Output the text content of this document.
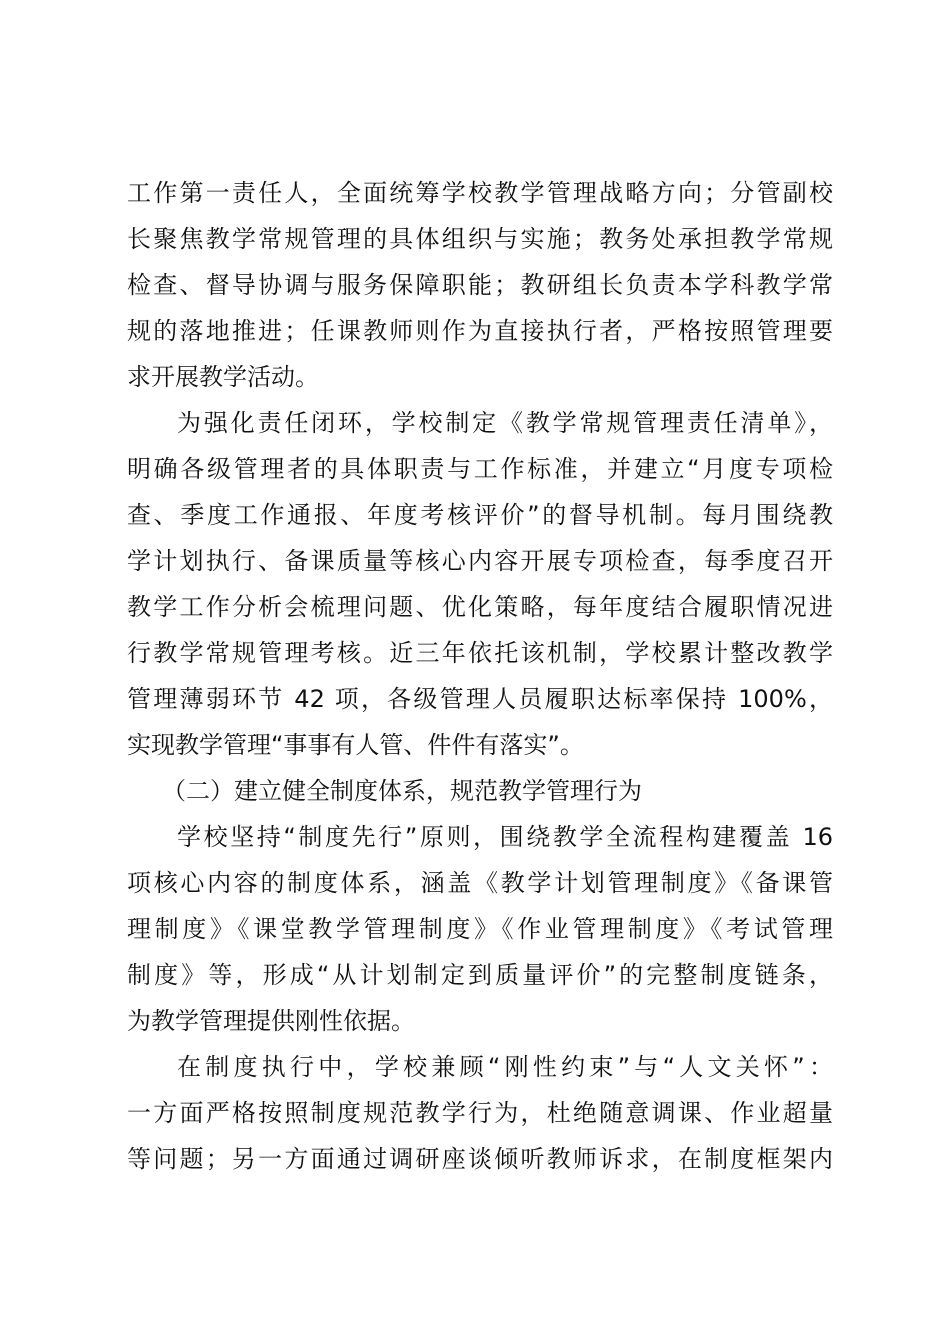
工作第一责任人，全面统筹学校教学管理战略方向；分管副校
长聚焦教学常规管理的具体组织与实施；教务处承担教学常规
检查、督导协调与服务保障职能；教研组长负责本学科教学常
规的落地推进；任课教师则作为直接执行者，严格按照管理要
求开展教学活动。
为强化责任闭环，学校制定《教学常规管理责任清单》，
明确各级管理者的具体职责与工作标准，并建立“月度专项检
查、季度工作通报、年度考核评价”的督导机制。每月围绕教
学计划执行、备课质量等核心内容开展专项检查，每季度召开
教学工作分析会梳理问题、优化策略，每年度结合履职情况进
行教学常规管理考核。近三年依托该机制，学校累计整改教学
管理薄弱环节 42 项，各级管理人员履职达标率保持 100%，
实现教学管理“事事有人管、件件有落实”。
（二）建立健全制度体系，规范教学管理行为
学校坚持“制度先行”原则，围绕教学全流程构建覆盖 16
项核心内容的制度体系，涵盖《教学计划管理制度》《备课管
理制度》《课堂教学管理制度》《作业管理制度》《考试管理
制度》等，形成“从计划制定到质量评价”的完整制度链条，
为教学管理提供刚性依据。
在制度执行中，学校兼顾“刚性约束”与“人文关怀”：
一方面严格按照制度规范教学行为，杜绝随意调课、作业超量
等问题；另一方面通过调研座谈倾听教师诉求，在制度框架内
